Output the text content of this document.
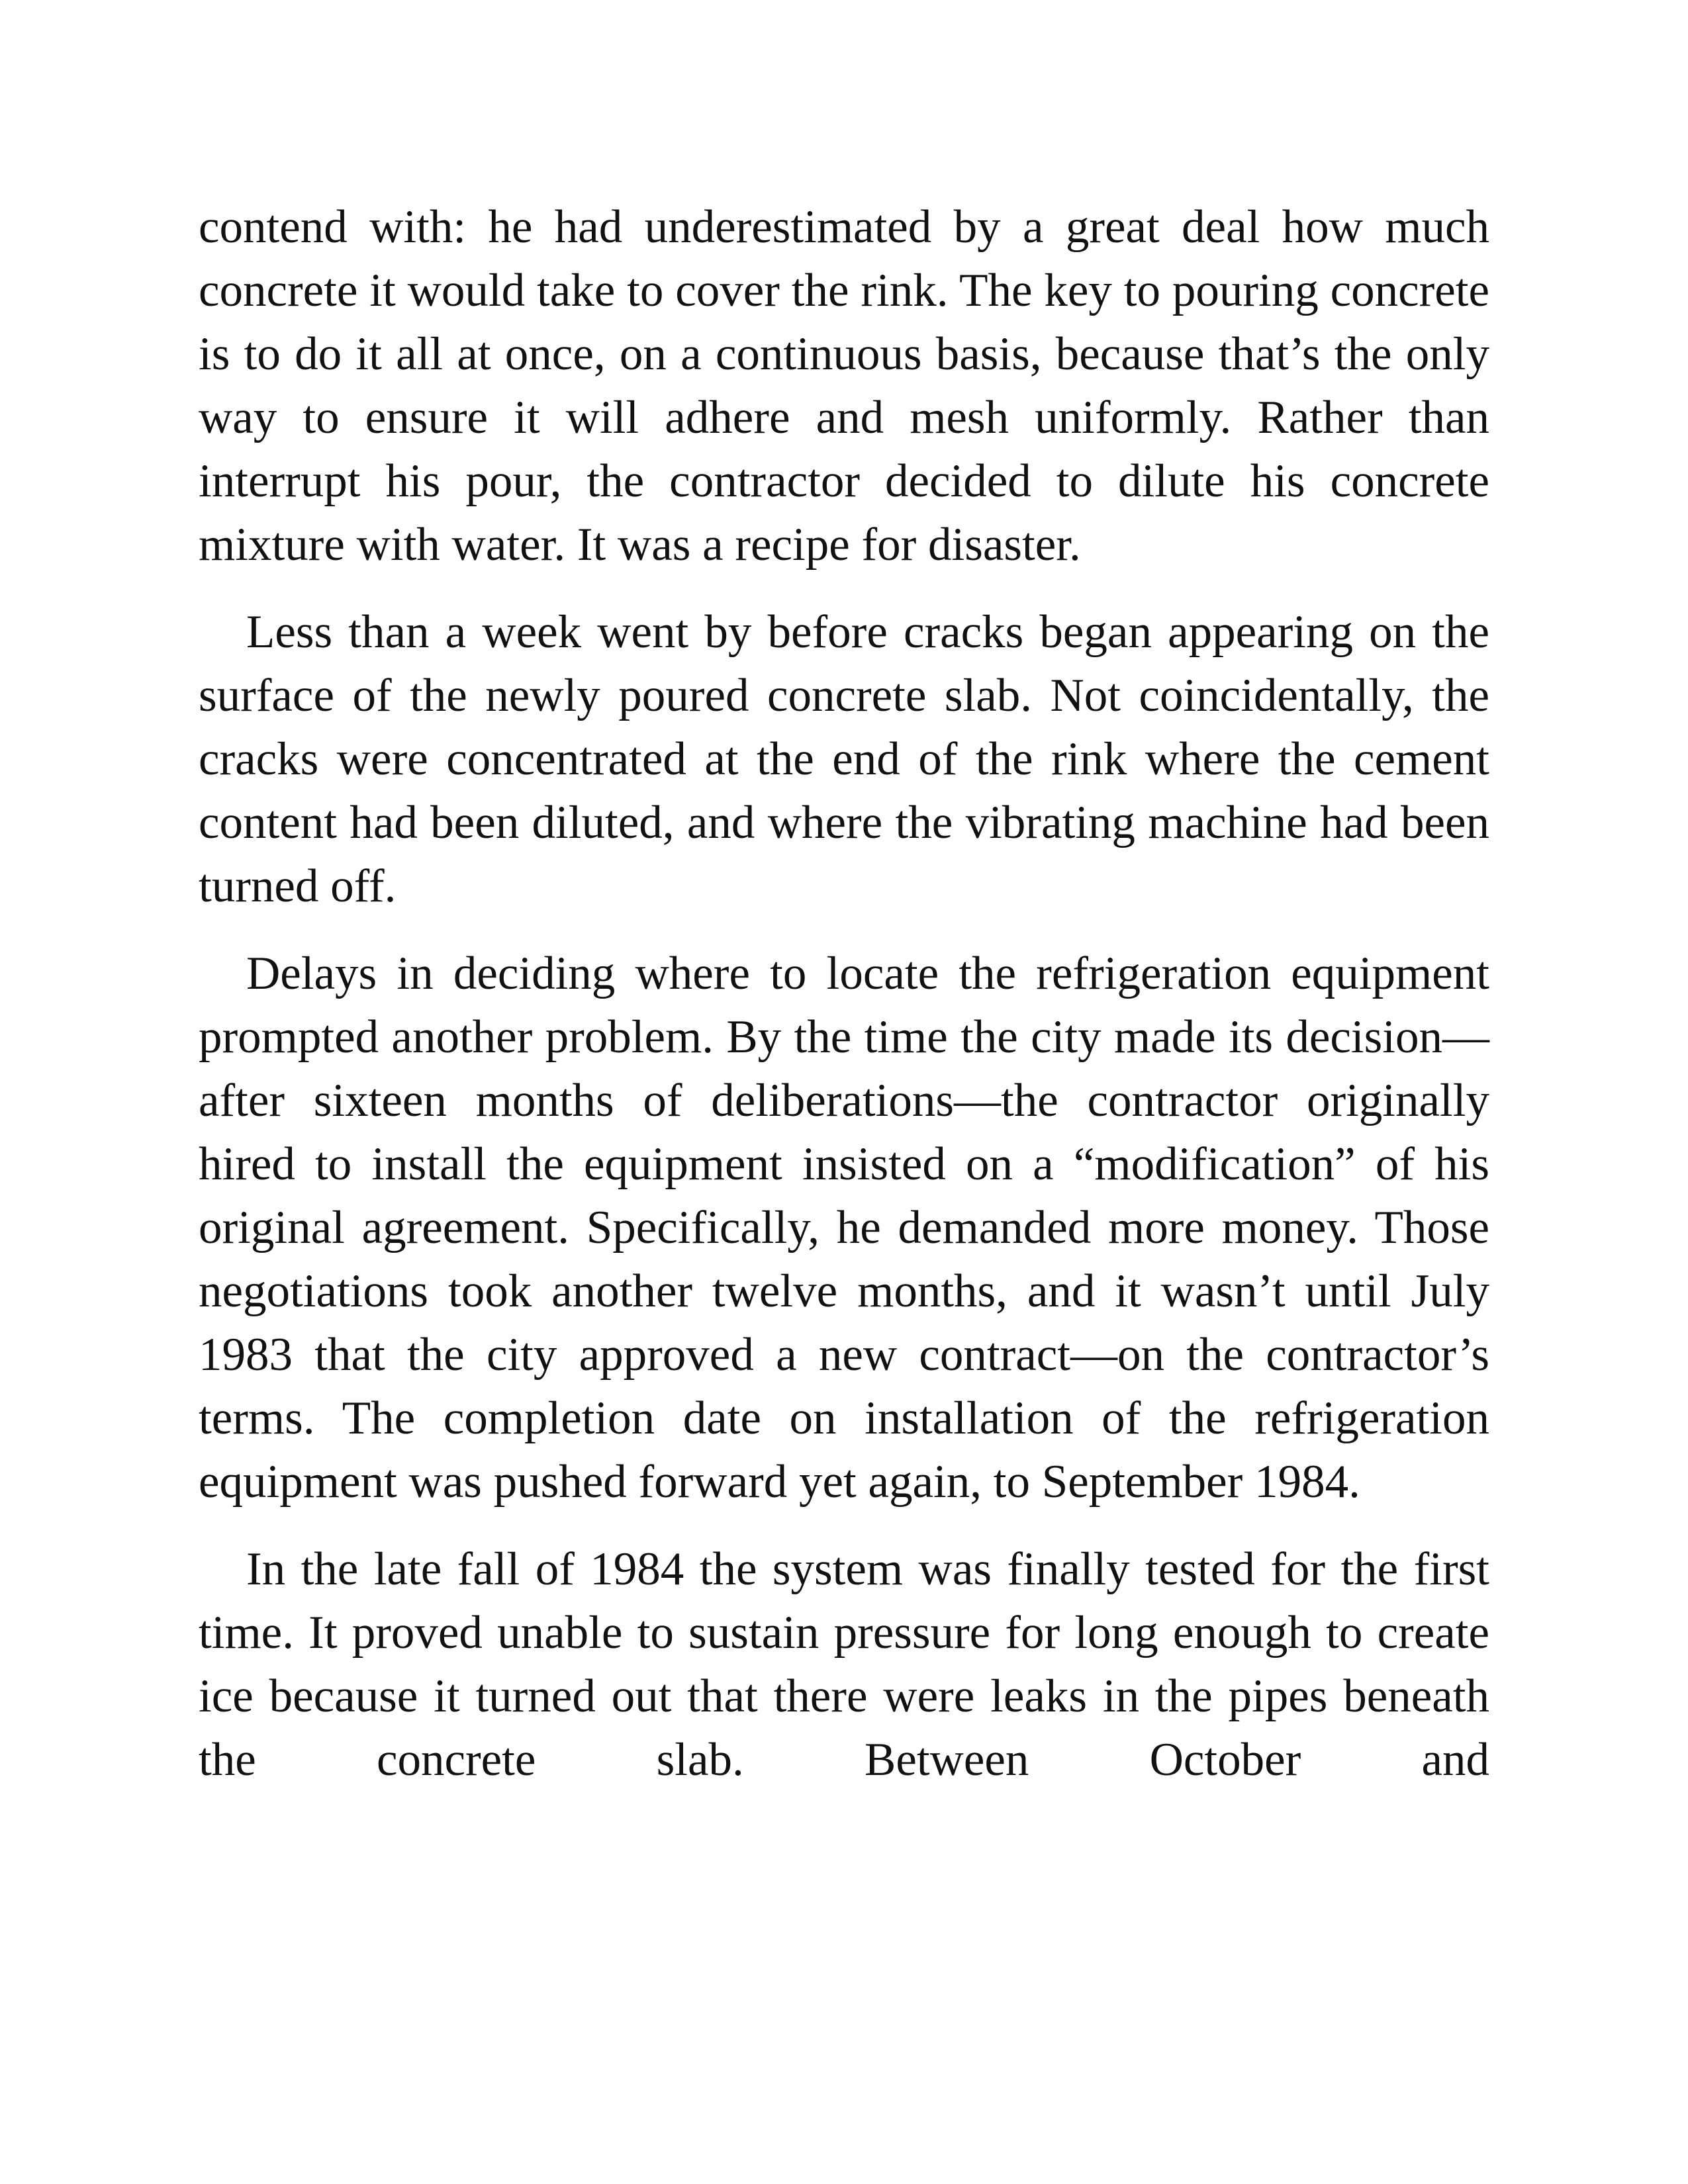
contend with: he had underestimated by a great deal how much concrete it would take to cover the rink. The key to pouring concrete is to do it all at once, on a continuous basis, because that’s the only way to ensure it will adhere and mesh uniformly. Rather than interrupt his pour, the contractor decided to dilute his concrete mixture with water. It was a recipe for disaster.

Less than a week went by before cracks began appearing on the surface of the newly poured concrete slab. Not coincidentally, the cracks were concentrated at the end of the rink where the cement content had been diluted, and where the vibrating machine had been turned off.

Delays in deciding where to locate the refrigeration equipment prompted another problem. By the time the city made its decision—after sixteen months of deliberations—the contractor originally hired to install the equipment insisted on a “modification” of his original agreement. Specifically, he demanded more money. Those negotiations took another twelve months, and it wasn’t until July 1983 that the city approved a new contract—on the contractor’s terms. The completion date on installation of the refrigeration equipment was pushed forward yet again, to September 1984.

In the late fall of 1984 the system was finally tested for the first time. It proved unable to sustain pressure for long enough to create ice because it turned out that there were leaks in the pipes beneath the concrete slab. Between October and
